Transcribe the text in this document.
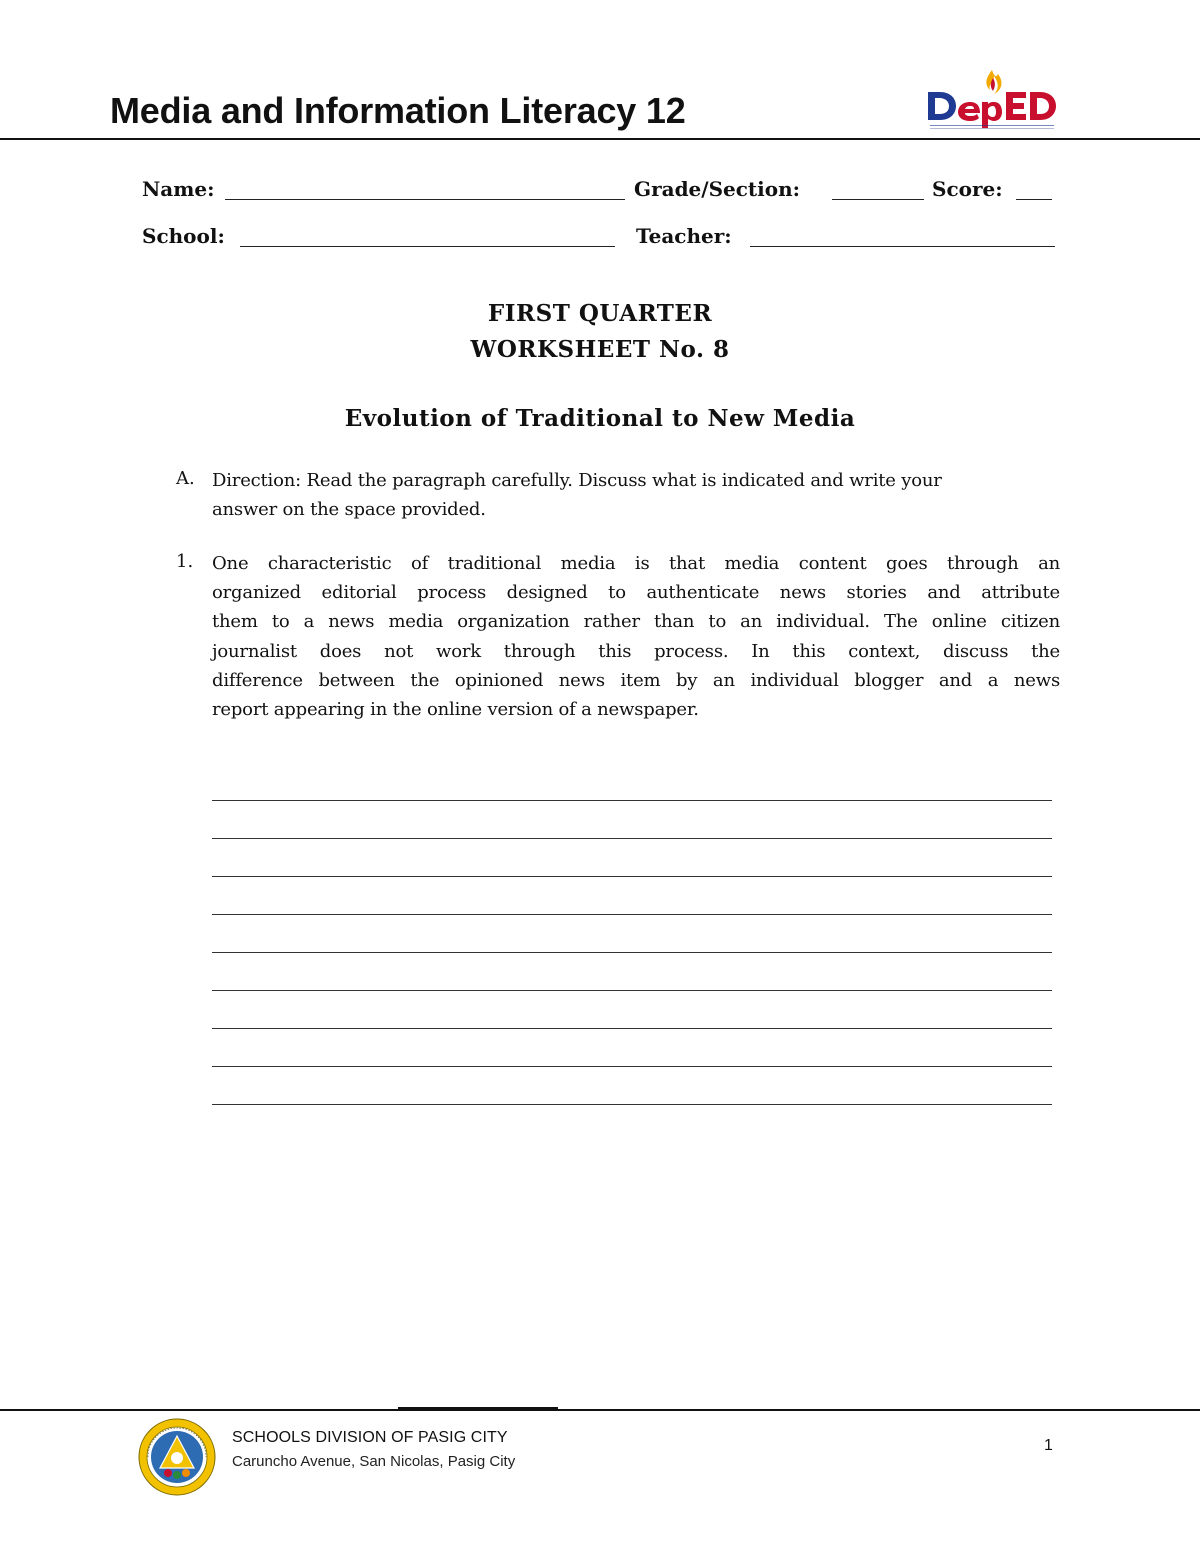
Media and Information Literacy 12
Name:	Grade/Section:	Score:
School:	Teacher:
FIRST QUARTER
WORKSHEET No. 8
Evolution of Traditional to New Media
A. Direction: Read the paragraph carefully. Discuss what is indicated and write your
answer on the space provided.
1. One characteristic of traditional media is that media content goes through an
organized editorial process designed to authenticate news stories and attribute
them to a news media organization rather than to an individual. The online citizen
journalist does not work through this process. In this context, discuss the
difference between the opinioned news item by an individual blogger and a news
report appearing in the online version of a newspaper.
SCHOOLS DIVISION OF PASIG CITY
Caruncho Avenue, San Nicolas, Pasig City
1
